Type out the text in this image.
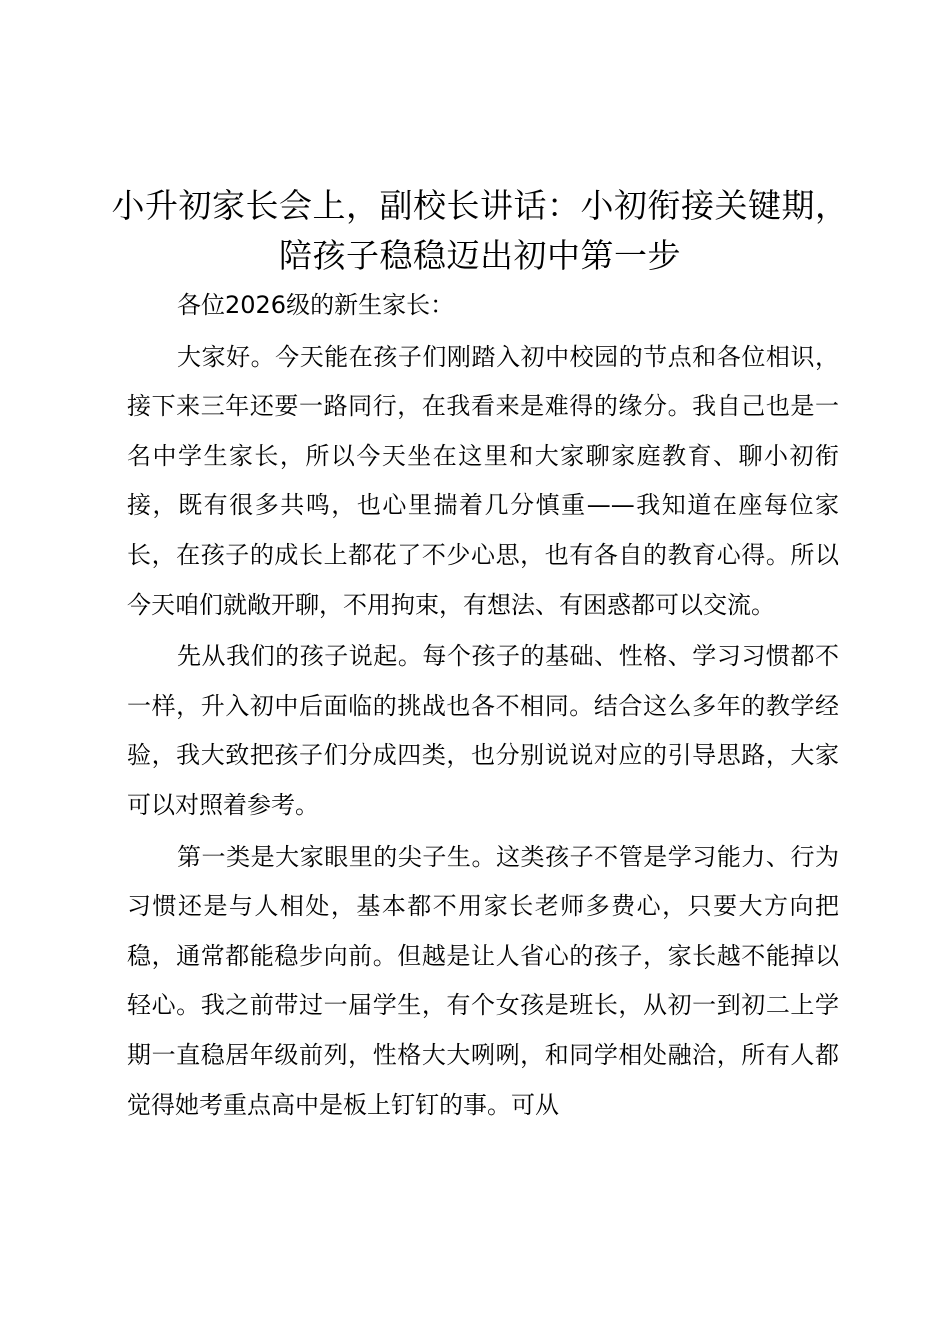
小升初家长会上，副校长讲话：小初衔接关键期，陪孩子稳稳迈出初中第一步

各位2026级的新生家长：

大家好。今天能在孩子们刚踏入初中校园的节点和各位相识，接下来三年还要一路同行，在我看来是难得的缘分。我自己也是一名中学生家长，所以今天坐在这里和大家聊家庭教育、聊小初衔接，既有很多共鸣，也心里揣着几分慎重——我知道在座每位家长，在孩子的成长上都花了不少心思，也有各自的教育心得。所以今天咱们就敞开聊，不用拘束，有想法、有困惑都可以交流。

先从我们的孩子说起。每个孩子的基础、性格、学习习惯都不一样，升入初中后面临的挑战也各不相同。结合这么多年的教学经验，我大致把孩子们分成四类，也分别说说对应的引导思路，大家可以对照着参考。

第一类是大家眼里的尖子生。这类孩子不管是学习能力、行为习惯还是与人相处，基本都不用家长老师多费心，只要大方向把稳，通常都能稳步向前。但越是让人省心的孩子，家长越不能掉以轻心。我之前带过一届学生，有个女孩是班长，从初一到初二上学期一直稳居年级前列，性格大大咧咧，和同学相处融洽，所有人都觉得她考重点高中是板上钉钉的事。可从
